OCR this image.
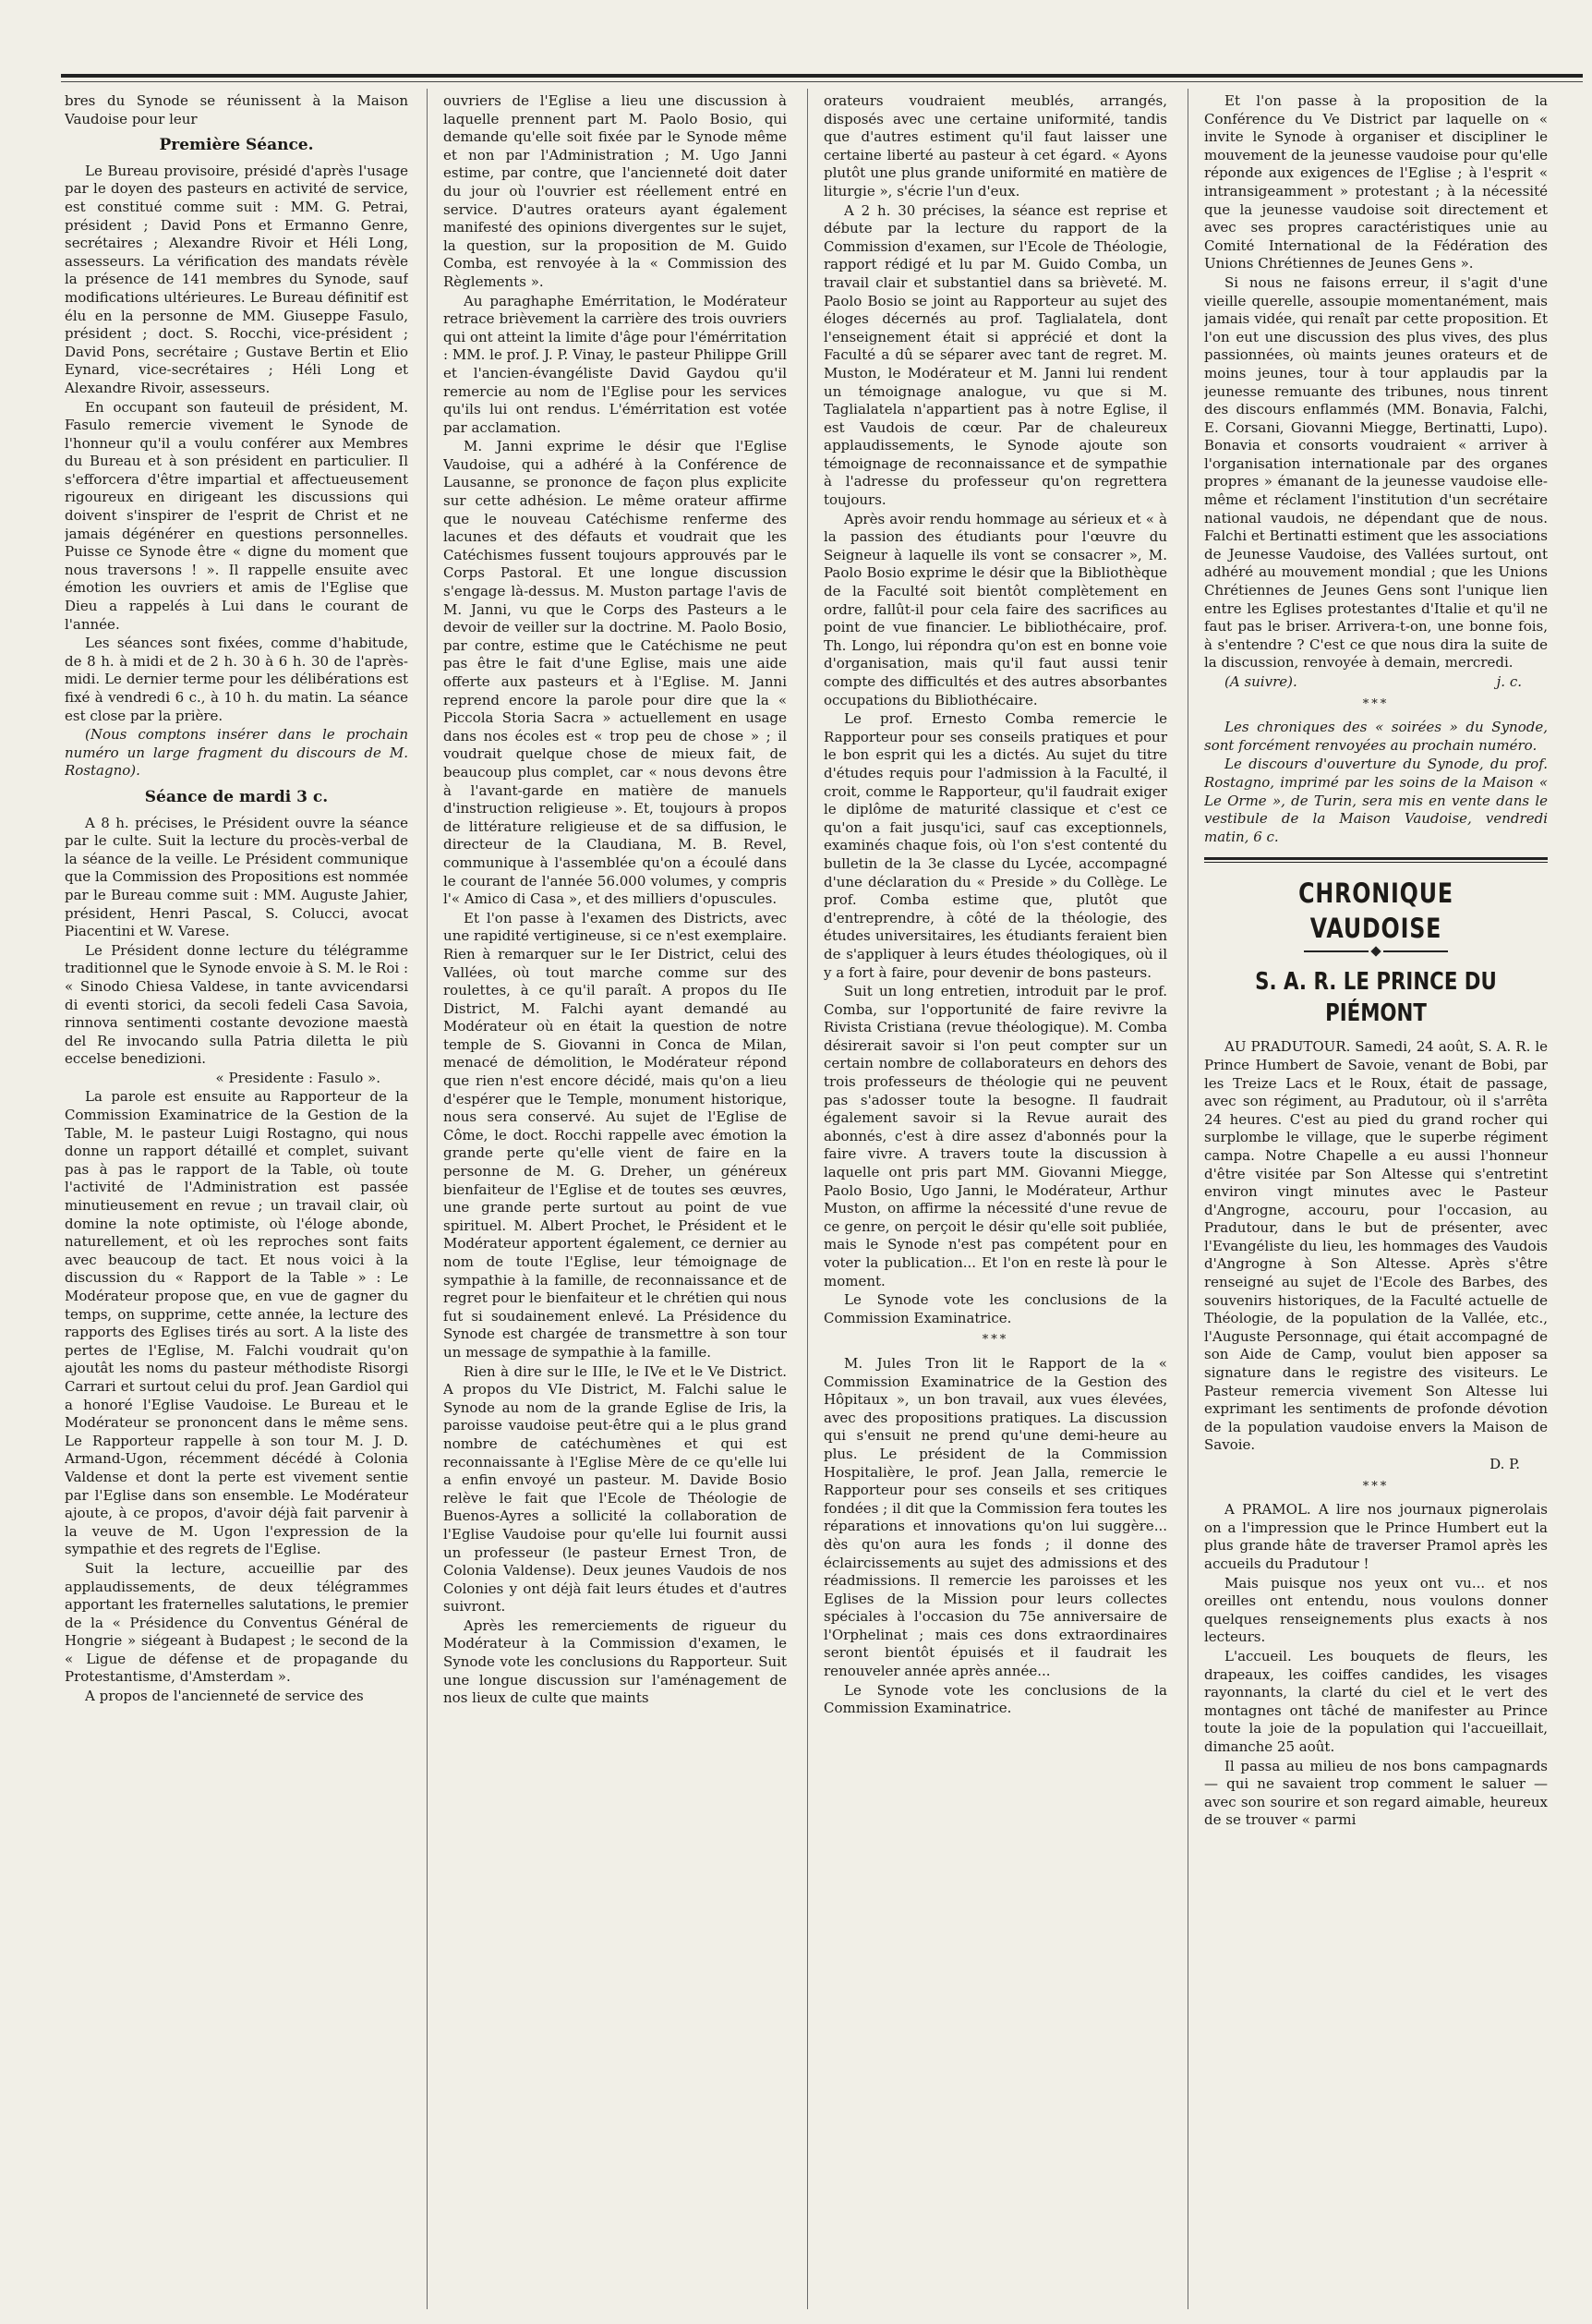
bres du Synode se réunissent à la Maison Vaudoise pour leur

Première Séance.

Le Bureau provisoire, présidé d'après l'usage par le doyen des pasteurs en activité de service, est constitué comme suit : MM. G. Petrai, président ; David Pons et Ermanno Genre, secrétaires ; Alexandre Rivoir et Héli Long, assesseurs. La vérification des mandats révèle la présence de 141 membres du Synode, sauf modifications ultérieures. Le Bureau définitif est élu en la personne de MM. Giuseppe Fasulo, président ; doct. S. Rocchi, vice-président ; David Pons, secrétaire ; Gustave Bertin et Elio Eynard, vice-secrétaires ; Héli Long et Alexandre Rivoir, assesseurs.

En occupant son fauteuil de président, M. Fasulo remercie vivement le Synode de l'honneur qu'il a voulu conférer aux Membres du Bureau et à son président en particulier. Il s'efforcera d'être impartial et affectueusement rigoureux en dirigeant les discussions qui doivent s'inspirer de l'esprit de Christ et ne jamais dégénérer en questions personnelles. Puisse ce Synode être « digne du moment que nous traversons ! ». Il rappelle ensuite avec émotion les ouvriers et amis de l'Eglise que Dieu a rappelés à Lui dans le courant de l'année.

Les séances sont fixées, comme d'habitude, de 8 h. à midi et de 2 h. 30 à 6 h. 30 de l'après-midi. Le dernier terme pour les délibérations est fixé à vendredi 6 c., à 10 h. du matin. La séance est close par la prière.

(Nous comptons insérer dans le prochain numéro un large fragment du discours de M. Rostagno).

Séance de mardi 3 c.

A 8 h. précises, le Président ouvre la séance par le culte. Suit la lecture du procès-verbal de la séance de la veille. Le Président communique que la Commission des Propositions est nommée par le Bureau comme suit : MM. Auguste Jahier, président, Henri Pascal, S. Colucci, avocat Piacentini et W. Varese.

Le Président donne lecture du télégramme traditionnel que le Synode envoie à S. M. le Roi : « Sinodo Chiesa Valdese, in tante avvicendarsi di eventi storici, da secoli fedeli Casa Savoia, rinnova sentimenti costante devozione maestà del Re invocando sulla Patria diletta le più eccelse benedizioni.

« Presidente : Fasulo ».

La parole est ensuite au Rapporteur de la Commission Examinatrice de la Gestion de la Table, M. le pasteur Luigi Rostagno, qui nous donne un rapport détaillé et complet, suivant pas à pas le rapport de la Table, où toute l'activité de l'Administration est passée minutieusement en revue ; un travail clair, où domine la note optimiste, où l'éloge abonde, naturellement, et où les reproches sont faits avec beaucoup de tact. Et nous voici à la discussion du « Rapport de la Table » : Le Modérateur propose que, en vue de gagner du temps, on supprime, cette année, la lecture des rapports des Eglises tirés au sort. A la liste des pertes de l'Eglise, M. Falchi voudrait qu'on ajoutât les noms du pasteur méthodiste Risorgi Carrari et surtout celui du prof. Jean Gardiol qui a honoré l'Eglise Vaudoise. Le Bureau et le Modérateur se prononcent dans le même sens. Le Rapporteur rappelle à son tour M. J. D. Armand-Ugon, récemment décédé à Colonia Valdense et dont la perte est vivement sentie par l'Eglise dans son ensemble. Le Modérateur ajoute, à ce propos, d'avoir déjà fait parvenir à la veuve de M. Ugon l'expression de la sympathie et des regrets de l'Eglise.

Suit la lecture, accueillie par des applaudissements, de deux télégrammes apportant les fraternelles salutations, le premier de la « Présidence du Conventus Général de Hongrie » siégeant à Budapest ; le second de la « Ligue de défense et de propagande du Protestantisme, d'Amsterdam ».

A propos de l'ancienneté de service des

ouvriers de l'Eglise a lieu une discussion à laquelle prennent part M. Paolo Bosio, qui demande qu'elle soit fixée par le Synode même et non par l'Administration ; M. Ugo Janni estime, par contre, que l'ancienneté doit dater du jour où l'ouvrier est réellement entré en service. D'autres orateurs ayant également manifesté des opinions divergentes sur le sujet, la question, sur la proposition de M. Guido Comba, est renvoyée à la « Commission des Règlements ».

Au paraghaphe Emérritation, le Modérateur retrace brièvement la carrière des trois ouvriers qui ont atteint la limite d'âge pour l'émérritation : MM. le prof. J. P. Vinay, le pasteur Philippe Grill et l'ancien-évangéliste David Gaydou qu'il remercie au nom de l'Eglise pour les services qu'ils lui ont rendus. L'émérritation est votée par acclamation.

M. Janni exprime le désir que l'Eglise Vaudoise, qui a adhéré à la Conférence de Lausanne, se prononce de façon plus explicite sur cette adhésion. Le même orateur affirme que le nouveau Catéchisme renferme des lacunes et des défauts et voudrait que les Catéchismes fussent toujours approuvés par le Corps Pastoral. Et une longue discussion s'engage là-dessus. M. Muston partage l'avis de M. Janni, vu que le Corps des Pasteurs a le devoir de veiller sur la doctrine. M. Paolo Bosio, par contre, estime que le Catéchisme ne peut pas être le fait d'une Eglise, mais une aide offerte aux pasteurs et à l'Eglise. M. Janni reprend encore la parole pour dire que la « Piccola Storia Sacra » actuellement en usage dans nos écoles est « trop peu de chose » ; il voudrait quelque chose de mieux fait, de beaucoup plus complet, car « nous devons être à l'avant-garde en matière de manuels d'instruction religieuse ». Et, toujours à propos de littérature religieuse et de sa diffusion, le directeur de la Claudiana, M. B. Revel, communique à l'assemblée qu'on a écoulé dans le courant de l'année 56.000 volumes, y compris l'« Amico di Casa », et des milliers d'opuscules.

Et l'on passe à l'examen des Districts, avec une rapidité vertigineuse, si ce n'est exemplaire. Rien à remarquer sur le Ier District, celui des Vallées, où tout marche comme sur des roulettes, à ce qu'il paraît. A propos du IIe District, M. Falchi ayant demandé au Modérateur où en était la question de notre temple de S. Giovanni in Conca de Milan, menacé de démolition, le Modérateur répond que rien n'est encore décidé, mais qu'on a lieu d'espérer que le Temple, monument historique, nous sera conservé. Au sujet de l'Eglise de Côme, le doct. Rocchi rappelle avec émotion la grande perte qu'elle vient de faire en la personne de M. G. Dreher, un généreux bienfaiteur de l'Eglise et de toutes ses œuvres, une grande perte surtout au point de vue spirituel. M. Albert Prochet, le Président et le Modérateur apportent également, ce dernier au nom de toute l'Eglise, leur témoignage de sympathie à la famille, de reconnaissance et de regret pour le bienfaiteur et le chrétien qui nous fut si soudainement enlevé. La Présidence du Synode est chargée de transmettre à son tour un message de sympathie à la famille.

Rien à dire sur le IIIe, le IVe et le Ve District. A propos du VIe District, M. Falchi salue le Synode au nom de la grande Eglise de Iris, la paroisse vaudoise peut-être qui a le plus grand nombre de catéchumènes et qui est reconnaissante à l'Eglise Mère de ce qu'elle lui a enfin envoyé un pasteur. M. Davide Bosio relève le fait que l'Ecole de Théologie de Buenos-Ayres a sollicité la collaboration de l'Eglise Vaudoise pour qu'elle lui fournit aussi un professeur (le pasteur Ernest Tron, de Colonia Valdense). Deux jeunes Vaudois de nos Colonies y ont déjà fait leurs études et d'autres suivront.

Après les remerciements de rigueur du Modérateur à la Commission d'examen, le Synode vote les conclusions du Rapporteur. Suit une longue discussion sur l'aménagement de nos lieux de culte que maints

orateurs voudraient meublés, arrangés, disposés avec une certaine uniformité, tandis que d'autres estiment qu'il faut laisser une certaine liberté au pasteur à cet égard. « Ayons plutôt une plus grande uniformité en matière de liturgie », s'écrie l'un d'eux.

A 2 h. 30 précises, la séance est reprise et débute par la lecture du rapport de la Commission d'examen, sur l'Ecole de Théologie, rapport rédigé et lu par M. Guido Comba, un travail clair et substantiel dans sa brièveté. M. Paolo Bosio se joint au Rapporteur au sujet des éloges décernés au prof. Taglialatela, dont l'enseignement était si apprécié et dont la Faculté a dû se séparer avec tant de regret. M. Muston, le Modérateur et M. Janni lui rendent un témoignage analogue, vu que si M. Taglialatela n'appartient pas à notre Eglise, il est Vaudois de cœur. Par de chaleureux applaudissements, le Synode ajoute son témoignage de reconnaissance et de sympathie à l'adresse du professeur qu'on regrettera toujours.

Après avoir rendu hommage au sérieux et « à la passion des étudiants pour l'œuvre du Seigneur à laquelle ils vont se consacrer », M. Paolo Bosio exprime le désir que la Bibliothèque de la Faculté soit bientôt complètement en ordre, fallût-il pour cela faire des sacrifices au point de vue financier. Le bibliothécaire, prof. Th. Longo, lui répondra qu'on est en bonne voie d'organisation, mais qu'il faut aussi tenir compte des difficultés et des autres absorbantes occupations du Bibliothécaire.

Le prof. Ernesto Comba remercie le Rapporteur pour ses conseils pratiques et pour le bon esprit qui les a dictés. Au sujet du titre d'études requis pour l'admission à la Faculté, il croit, comme le Rapporteur, qu'il faudrait exiger le diplôme de maturité classique et c'est ce qu'on a fait jusqu'ici, sauf cas exceptionnels, examinés chaque fois, où l'on s'est contenté du bulletin de la 3e classe du Lycée, accompagné d'une déclaration du « Preside » du Collège. Le prof. Comba estime que, plutôt que d'entreprendre, à côté de la théologie, des études universitaires, les étudiants feraient bien de s'appliquer à leurs études théologiques, où il y a fort à faire, pour devenir de bons pasteurs.

Suit un long entretien, introduit par le prof. Comba, sur l'opportunité de faire revivre la Rivista Cristiana (revue théologique). M. Comba désirerait savoir si l'on peut compter sur un certain nombre de collaborateurs en dehors des trois professeurs de théologie qui ne peuvent pas s'adosser toute la besogne. Il faudrait également savoir si la Revue aurait des abonnés, c'est à dire assez d'abonnés pour la faire vivre. A travers toute la discussion à laquelle ont pris part MM. Giovanni Miegge, Paolo Bosio, Ugo Janni, le Modérateur, Arthur Muston, on affirme la nécessité d'une revue de ce genre, on perçoit le désir qu'elle soit publiée, mais le Synode n'est pas compétent pour en voter la publication... Et l'on en reste là pour le moment.

Le Synode vote les conclusions de la Commission Examinatrice.

***

M. Jules Tron lit le Rapport de la « Commission Examinatrice de la Gestion des Hôpitaux », un bon travail, aux vues élevées, avec des propositions pratiques. La discussion qui s'ensuit ne prend qu'une demi-heure au plus. Le président de la Commission Hospitalière, le prof. Jean Jalla, remercie le Rapporteur pour ses conseils et ses critiques fondées ; il dit que la Commission fera toutes les réparations et innovations qu'on lui suggère... dès qu'on aura les fonds ; il donne des éclaircissements au sujet des admissions et des réadmissions. Il remercie les paroisses et les Eglises de la Mission pour leurs collectes spéciales à l'occasion du 75e anniversaire de l'Orphelinat ; mais ces dons extraordinaires seront bientôt épuisés et il faudrait les renouveler année après année...

Le Synode vote les conclusions de la Commission Examinatrice.

Et l'on passe à la proposition de la Conférence du Ve District par laquelle on « invite le Synode à organiser et discipliner le mouvement de la jeunesse vaudoise pour qu'elle réponde aux exigences de l'Eglise ; à l'esprit « intransigeamment » protestant ; à la nécessité que la jeunesse vaudoise soit directement et avec ses propres caractéristiques unie au Comité International de la Fédération des Unions Chrétiennes de Jeunes Gens ».

Si nous ne faisons erreur, il s'agit d'une vieille querelle, assoupie momentanément, mais jamais vidée, qui renaît par cette proposition. Et l'on eut une discussion des plus vives, des plus passionnées, où maints jeunes orateurs et de moins jeunes, tour à tour applaudis par la jeunesse remuante des tribunes, nous tinrent des discours enflammés (MM. Bonavia, Falchi, E. Corsani, Giovanni Miegge, Bertinatti, Lupo). Bonavia et consorts voudraient « arriver à l'organisation internationale par des organes propres » émanant de la jeunesse vaudoise elle-même et réclament l'institution d'un secrétaire national vaudois, ne dépendant que de nous. Falchi et Bertinatti estiment que les associations de Jeunesse Vaudoise, des Vallées surtout, ont adhéré au mouvement mondial ; que les Unions Chrétiennes de Jeunes Gens sont l'unique lien entre les Eglises protestantes d'Italie et qu'il ne faut pas le briser. Arrivera-t-on, une bonne fois, à s'entendre ? C'est ce que nous dira la suite de la discussion, renvoyée à demain, mercredi.

(A suivre).	j. c.
***

Les chroniques des « soirées » du Synode, sont forcément renvoyées au prochain numéro.

Le discours d'ouverture du Synode, du prof. Rostagno, imprimé par les soins de la Maison « Le Orme », de Turin, sera mis en vente dans le vestibule de la Maison Vaudoise, vendredi matin, 6 c.

CHRONIQUE VAUDOISE
S. A. R. LE PRINCE DU PIÉMONT

AU PRADUTOUR. Samedi, 24 août, S. A. R. le Prince Humbert de Savoie, venant de Bobi, par les Treize Lacs et le Roux, était de passage, avec son régiment, au Pradutour, où il s'arrêta 24 heures. C'est au pied du grand rocher qui surplombe le village, que le superbe régiment campa. Notre Chapelle a eu aussi l'honneur d'être visitée par Son Altesse qui s'entretint environ vingt minutes avec le Pasteur d'Angrogne, accouru, pour l'occasion, au Pradutour, dans le but de présenter, avec l'Evangéliste du lieu, les hommages des Vaudois d'Angrogne à Son Altesse. Après s'être renseigné au sujet de l'Ecole des Barbes, des souvenirs historiques, de la Faculté actuelle de Théologie, de la population de la Vallée, etc., l'Auguste Personnage, qui était accompagné de son Aide de Camp, voulut bien apposer sa signature dans le registre des visiteurs. Le Pasteur remercia vivement Son Altesse lui exprimant les sentiments de profonde dévotion de la population vaudoise envers la Maison de Savoie.

D. P.

***

A PRAMOL. A lire nos journaux pignerolais on a l'impression que le Prince Humbert eut la plus grande hâte de traverser Pramol après les accueils du Pradutour !

Mais puisque nos yeux ont vu... et nos oreilles ont entendu, nous voulons donner quelques renseignements plus exacts à nos lecteurs.

L'accueil. Les bouquets de fleurs, les drapeaux, les coiffes candides, les visages rayonnants, la clarté du ciel et le vert des montagnes ont tâché de manifester au Prince toute la joie de la population qui l'accueillait, dimanche 25 août.

Il passa au milieu de nos bons campagnards — qui ne savaient trop comment le saluer — avec son sourire et son regard aimable, heureux de se trouver « parmi
